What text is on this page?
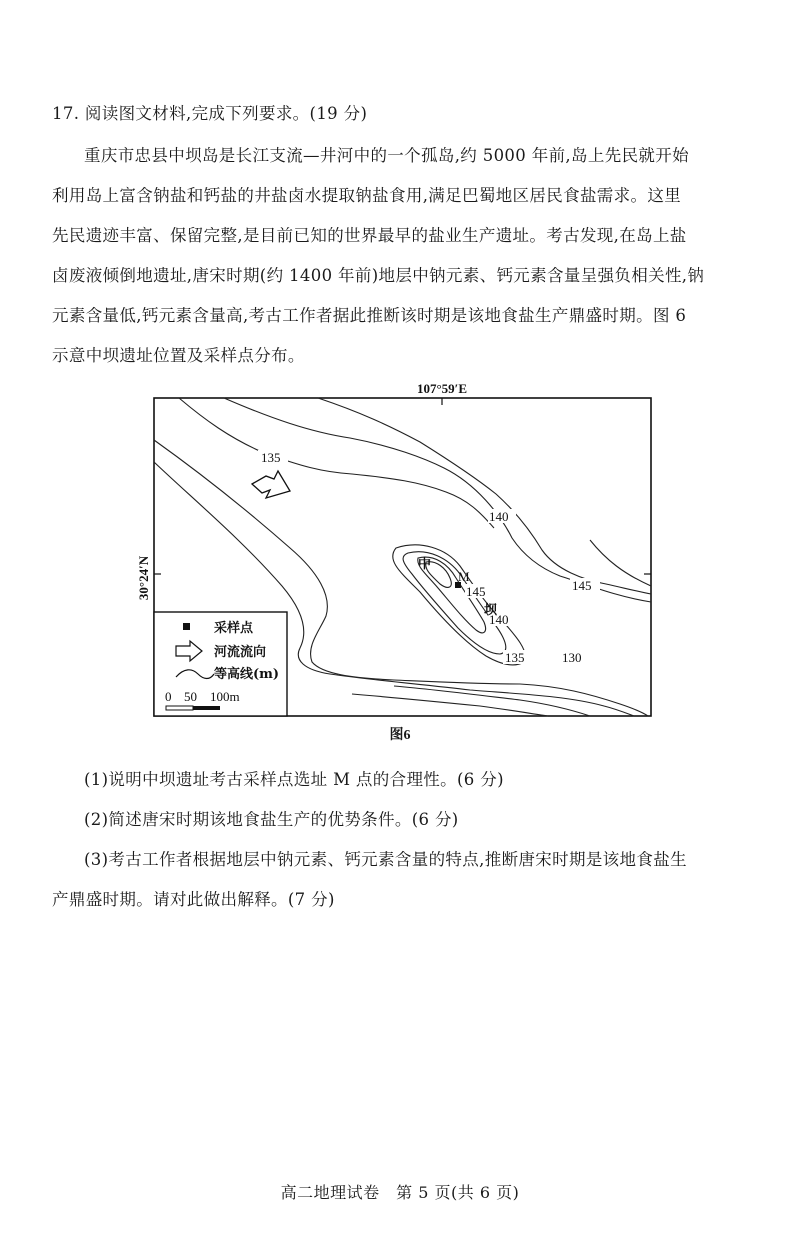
17. 阅读图文材料,完成下列要求。(19 分)
重庆市忠县中坝岛是长江支流—井河中的一个孤岛,约 5000 年前,岛上先民就开始
利用岛上富含钠盐和钙盐的井盐卤水提取钠盐食用,满足巴蜀地区居民食盐需求。这里
先民遗迹丰富、保留完整,是目前已知的世界最早的盐业生产遗址。考古发现,在岛上盐
卤废液倾倒地遗址,唐宋时期(约 1400 年前)地层中钠元素、钙元素含量呈强负相关性,钠
元素含量低,钙元素含量高,考古工作者据此推断该时期是该地食盐生产鼎盛时期。图 6
示意中坝遗址位置及采样点分布。
107°59′E
30°24′N
135
140
145
145
140
135	130
中
坝
M
采样点
河流流向
等高线(m)
0 50 100m
图6
(1)说明中坝遗址考古采样点选址 M 点的合理性。(6 分)
(2)简述唐宋时期该地食盐生产的优势条件。(6 分)
(3)考古工作者根据地层中钠元素、钙元素含量的特点,推断唐宋时期是该地食盐生
产鼎盛时期。请对此做出解释。(7 分)
高二地理试卷　第 5 页(共 6 页)
